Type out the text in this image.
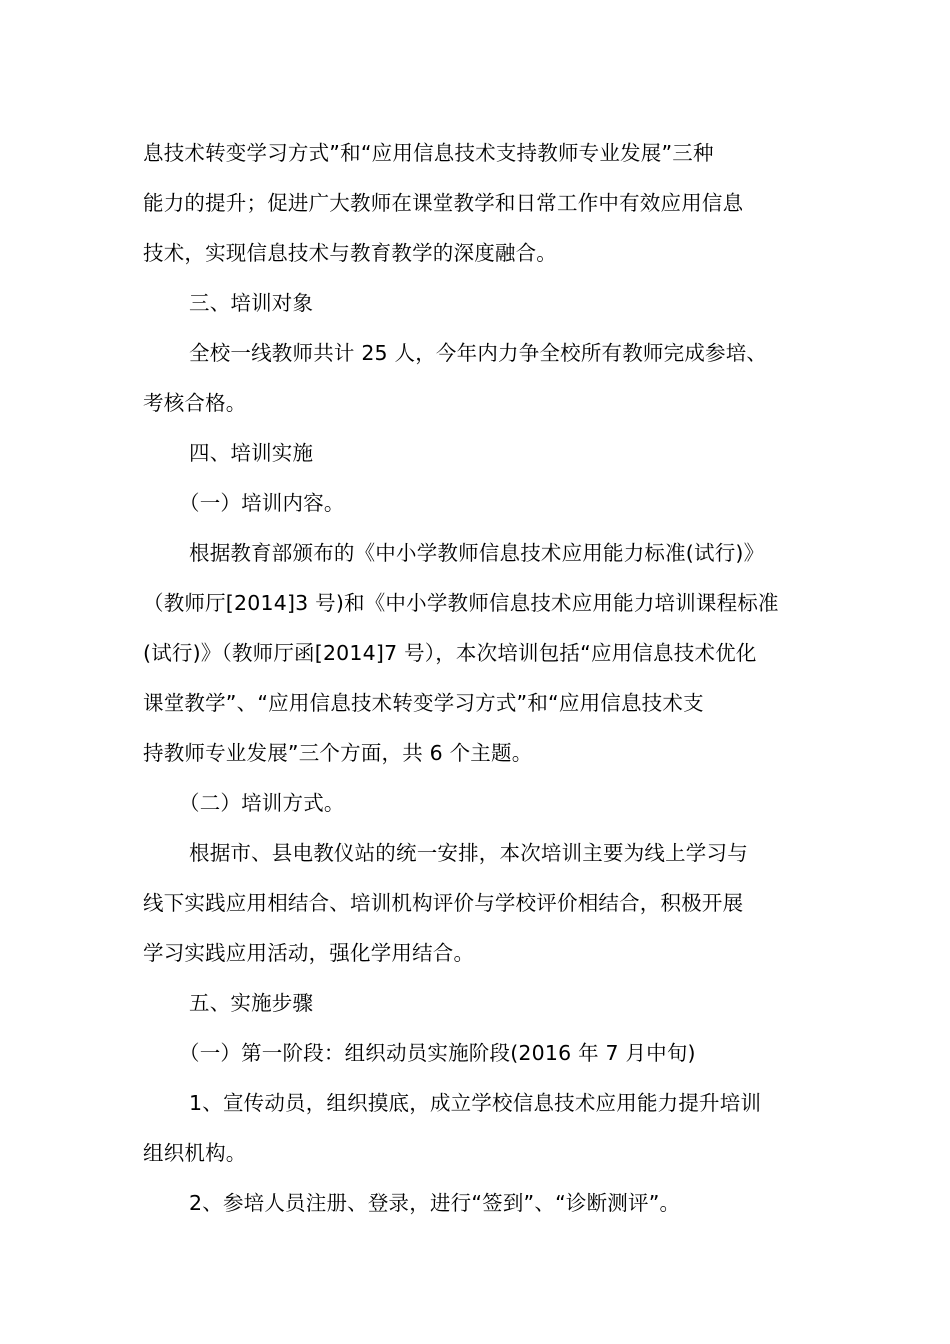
息技术转变学习方式”和“应用信息技术支持教师专业发展”三种
能力的提升；促进广大教师在课堂教学和日常工作中有效应用信息
技术，实现信息技术与教育教学的深度融合。
三、培训对象
全校一线教师共计 25 人，今年内力争全校所有教师完成参培、
考核合格。
四、培训实施
（一）培训内容。
根据教育部颁布的《中小学教师信息技术应用能力标准(试行)》
（教师厅[2014]3 号)和《中小学教师信息技术应用能力培训课程标准
(试行)》（教师厅函[2014]7 号），本次培训包括“应用信息技术优化
课堂教学”、“应用信息技术转变学习方式”和“应用信息技术支
持教师专业发展”三个方面，共 6 个主题。
（二）培训方式。
根据市、县电教仪站的统一安排，本次培训主要为线上学习与
线下实践应用相结合、培训机构评价与学校评价相结合，积极开展
学习实践应用活动，强化学用结合。
五、实施步骤
（一）第一阶段：组织动员实施阶段(2016 年 7 月中旬)
1、宣传动员，组织摸底，成立学校信息技术应用能力提升培训
组织机构。
2、参培人员注册、登录，进行“签到”、“诊断测评”。
